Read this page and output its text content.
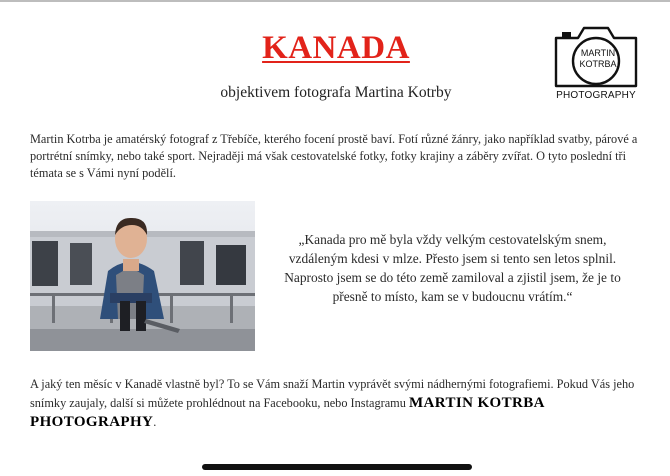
KANADA
objektivem fotografa Martina Kotrby
MARTIN
KOTRBA
PHOTOGRAPHY
Martin Kotrba je amatérský fotograf z Třebíče, kterého focení prostě baví. Fotí různé žánry, jako například svatby, párové a portrétní snímky, nebo také sport. Nejraději má však cestovatelské fotky, fotky krajiny a záběry zvířat. O tyto poslední tři témata se s Vámi nyní podělí.
„Kanada pro mě byla vždy velkým cestovatelským snem,
vzdáleným kdesi v mlze. Přesto jsem si tento sen letos splnil.
Naprosto jsem se do této země zamiloval a zjistil jsem, že je to
přesně to místo, kam se v budoucnu vrátím.“
A jaký ten měsíc v Kanadě vlastně byl? To se Vám snaží Martin vyprávět svými nádhernými fotografiemi. Pokud Vás jeho snímky zaujaly, další si můžete prohlédnout na Facebooku, nebo Instagramu MARTIN KOTRBA PHOTOGRAPHY.
